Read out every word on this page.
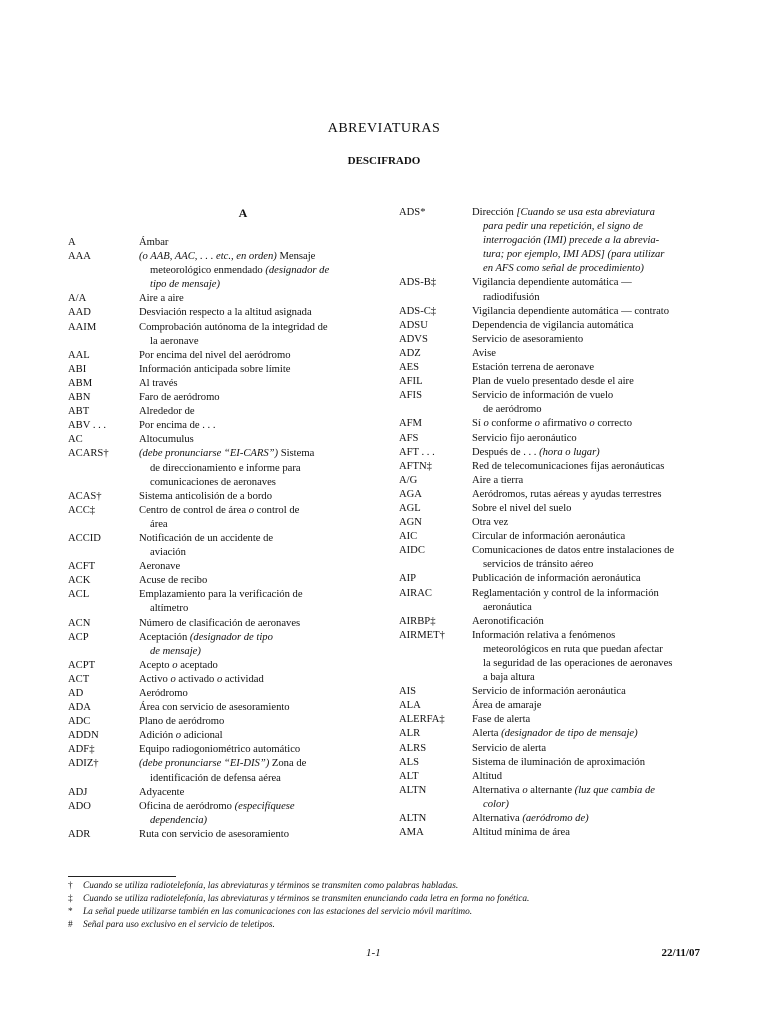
ABREVIATURAS
DESCIFRADO
A
A	Ámbar
AAA	(o AAB, AAC, . . . etc., en orden) Mensaje
meteorológico enmendado (designador de
tipo de mensaje)
A/A	Aire a aire
AAD	Desviación respecto a la altitud asignada
AAIM	Comprobación autónoma de la integridad de
la aeronave
AAL	Por encima del nivel del aeródromo
ABI	Información anticipada sobre límite
ABM	Al través
ABN	Faro de aeródromo
ABT	Alrededor de
ABV . . .	Por encima de . . .
AC	Altocumulus
ACARS†	(debe pronunciarse “EI-CARS”) Sistema
de direccionamiento e informe para
comunicaciones de aeronaves
ACAS†	Sistema anticolisión de a bordo
ACC‡	Centro de control de área o control de
área
ACCID	Notificación de un accidente de
aviación
ACFT	Aeronave
ACK	Acuse de recibo
ACL	Emplazamiento para la verificación de
altímetro
ACN	Número de clasificación de aeronaves
ACP	Aceptación (designador de tipo
de mensaje)
ACPT	Acepto o aceptado
ACT	Activo o activado o actividad
AD	Aeródromo
ADA	Área con servicio de asesoramiento
ADC	Plano de aeródromo
ADDN	Adición o adicional
ADF‡	Equipo radiogoniométrico automático
ADIZ†	(debe pronunciarse “EI-DIS”) Zona de
identificación de defensa aérea
ADJ	Adyacente
ADO	Oficina de aeródromo (especifíquese
dependencia)
ADR	Ruta con servicio de asesoramiento
ADS*	Dirección [Cuando se usa esta abreviatura
para pedir una repetición, el signo de
interrogación (IMI) precede a la abrevia-
tura; por ejemplo, IMI ADS] (para utilizar
en AFS como señal de procedimiento)
ADS-B‡	Vigilancia dependiente automática —
radiodifusión
ADS-C‡	Vigilancia dependiente automática — contrato
ADSU	Dependencia de vigilancia automática
ADVS	Servicio de asesoramiento
ADZ	Avise
AES	Estación terrena de aeronave
AFIL	Plan de vuelo presentado desde el aire
AFIS	Servicio de información de vuelo
de aeródromo
AFM	Sí o conforme o afirmativo o correcto
AFS	Servicio fijo aeronáutico
AFT . . .	Después de . . . (hora o lugar)
AFTN‡	Red de telecomunicaciones fijas aeronáuticas
A/G	Aire a tierra
AGA	Aeródromos, rutas aéreas y ayudas terrestres
AGL	Sobre el nivel del suelo
AGN	Otra vez
AIC	Circular de información aeronáutica
AIDC	Comunicaciones de datos entre instalaciones de
servicios de tránsito aéreo
AIP	Publicación de información aeronáutica
AIRAC	Reglamentación y control de la información
aeronáutica
AIRBP‡	Aeronotificación
AIRMET†	Información relativa a fenómenos
meteorológicos en ruta que puedan afectar
la seguridad de las operaciones de aeronaves
a baja altura
AIS	Servicio de información aeronáutica
ALA	Área de amaraje
ALERFA‡	Fase de alerta
ALR	Alerta (designador de tipo de mensaje)
ALRS	Servicio de alerta
ALS	Sistema de iluminación de aproximación
ALT	Altitud
ALTN	Alternativa o alternante (luz que cambia de
color)
ALTN	Alternativa (aeródromo de)
AMA	Altitud mínima de área
†	Cuando se utiliza radiotelefonía, las abreviaturas y términos se transmiten como palabras habladas.
‡	Cuando se utiliza radiotelefonía, las abreviaturas y términos se transmiten enunciando cada letra en forma no fonética.
*	La señal puede utilizarse también en las comunicaciones con las estaciones del servicio móvil marítimo.
#	Señal para uso exclusivo en el servicio de teletipos.
1-1	22/11/07
